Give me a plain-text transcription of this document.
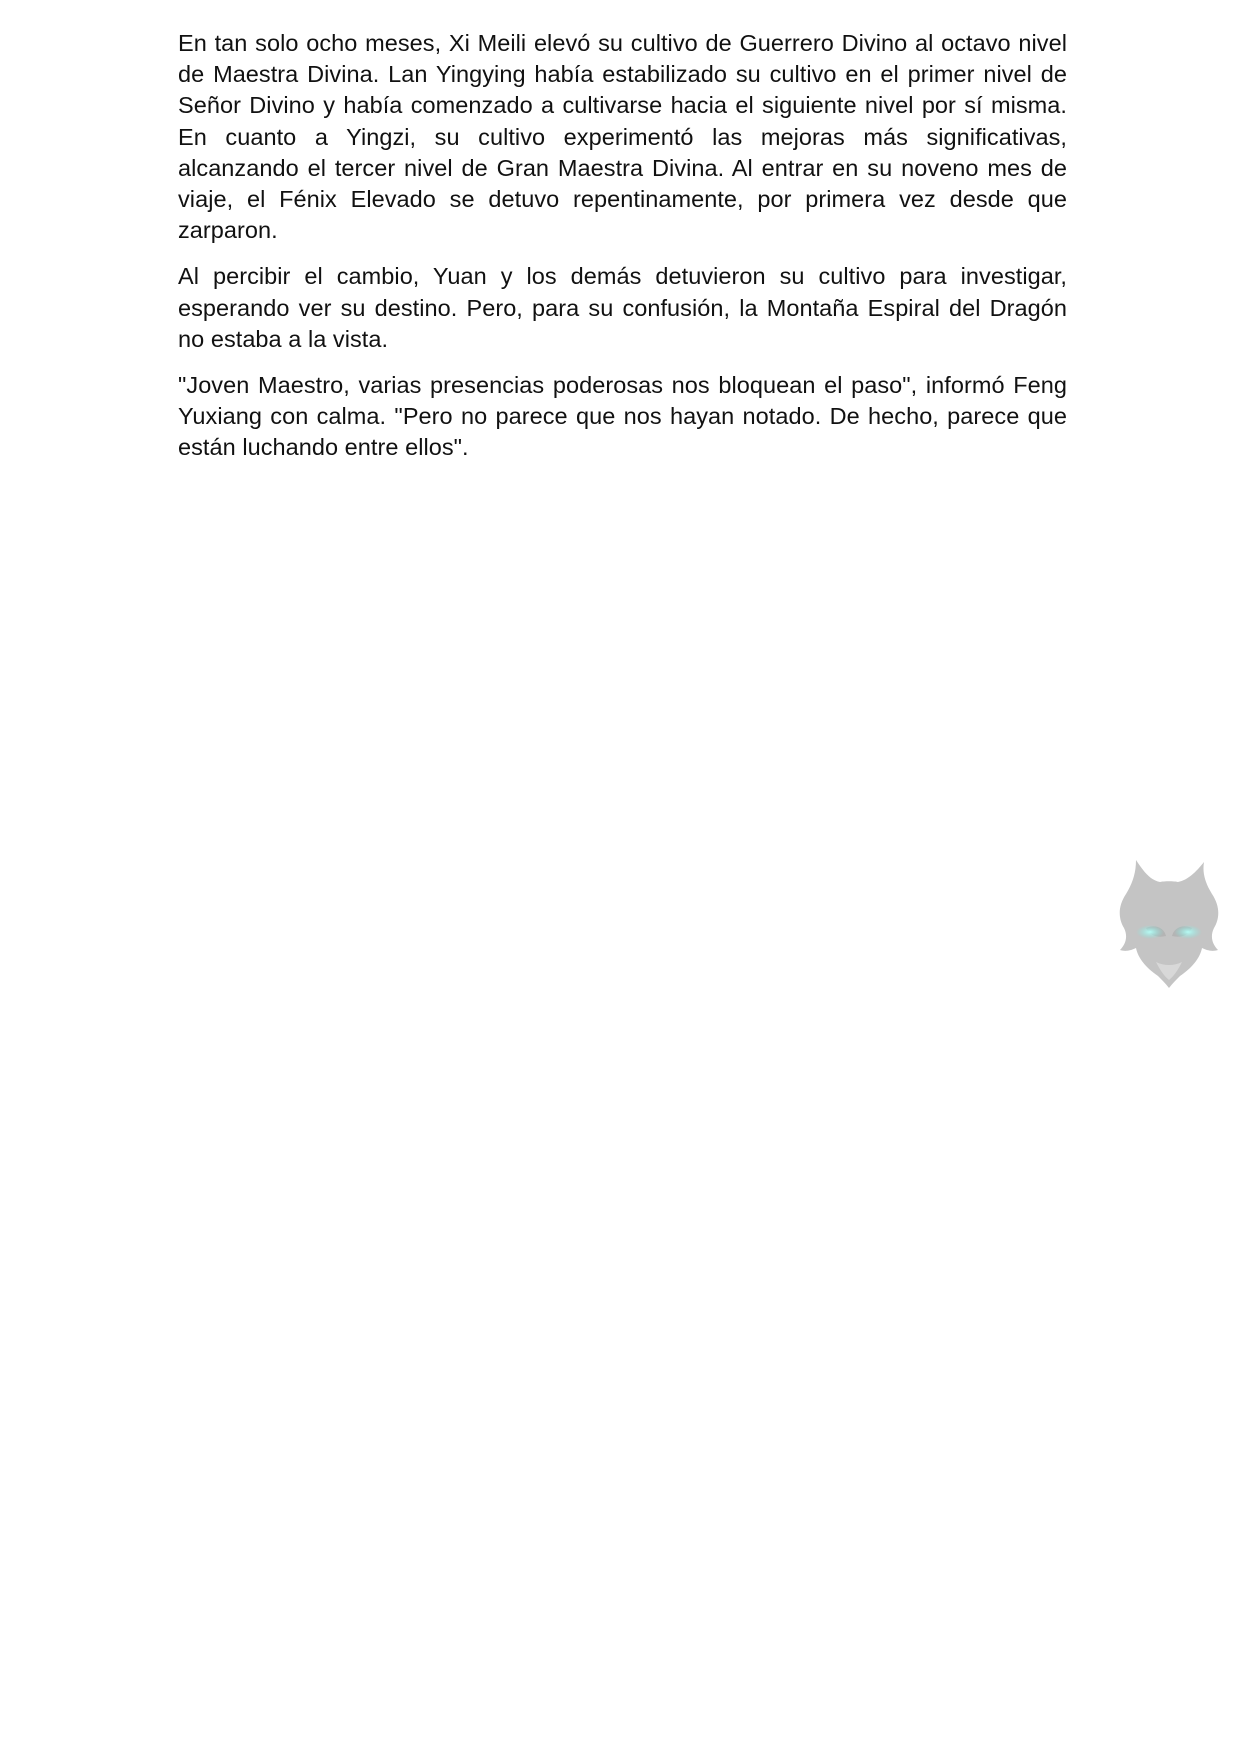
En tan solo ocho meses, Xi Meili elevó su cultivo de Guerrero Divino al octavo nivel de Maestra Divina. Lan Yingying había estabilizado su cultivo en el primer nivel de Señor Divino y había comenzado a cultivarse hacia el siguiente nivel por sí misma. En cuanto a Yingzi, su cultivo experimentó las mejoras más significativas, alcanzando el tercer nivel de Gran Maestra Divina. Al entrar en su noveno mes de viaje, el Fénix Elevado se detuvo repentinamente, por primera vez desde que zarparon.

Al percibir el cambio, Yuan y los demás detuvieron su cultivo para investigar, esperando ver su destino. Pero, para su confusión, la Montaña Espiral del Dragón no estaba a la vista.

"Joven Maestro, varias presencias poderosas nos bloquean el paso", informó Feng Yuxiang con calma. "Pero no parece que nos hayan notado. De hecho, parece que están luchando entre ellos".
